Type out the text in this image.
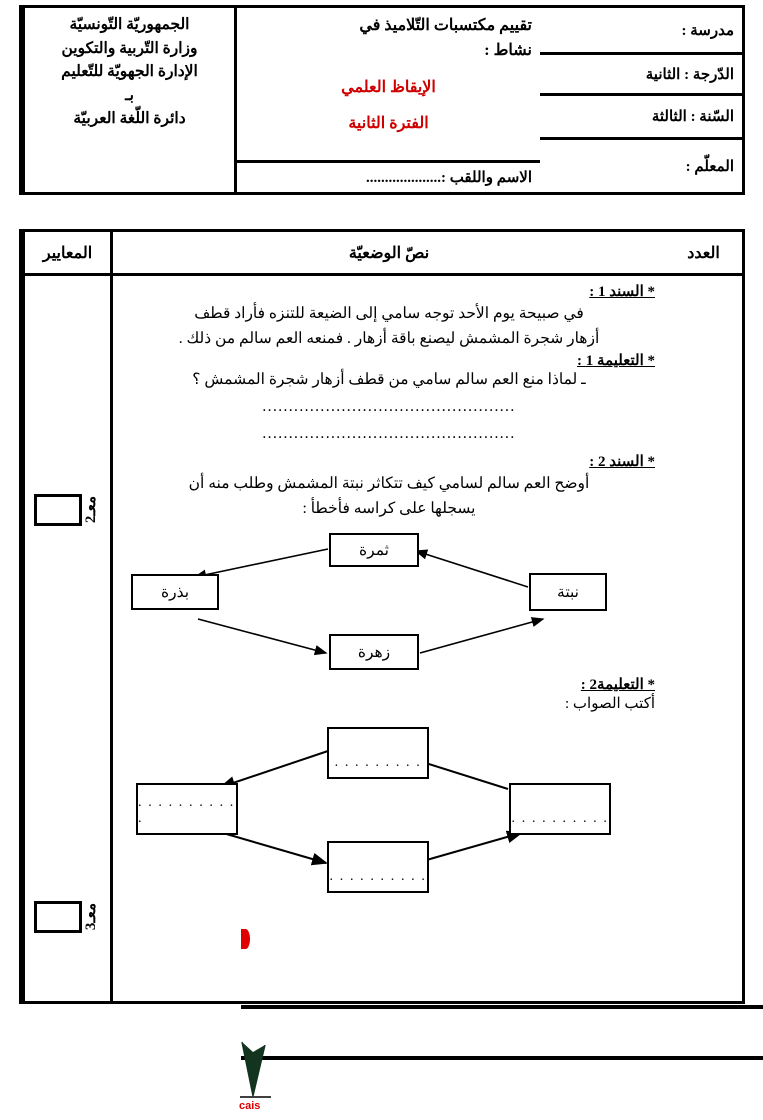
الجمهوريّة التّونسيّة
وزارة التّربية والتكوين
الإدارة الجهويّة للتّعليم
بـ
دائرة اللّغة العربيّة
تقييم مكتسبات التّلاميذ في
نشاط :
الإيقاظ العلمي
الفترة الثانية
الاسم واللقب :....................
مدرسة :
الدّرجة : الثانية
السّنة : الثالثة
المعلّم :
المعايير	نصّ الوضعيّة	العدد
معـ2
معـ3
* السند 1 :
في صبيحة يوم الأحد توجه سامي إلى الضيعة للتنزه فأراد قطف
أزهار شجرة المشمش ليصنع باقة أزهار . فمنعه العم سالم من ذلك .
* التعليمة 1 :
ـ لماذا منع العم سالم سامي من قطف أزهار شجرة المشمش ؟
................................................
................................................
* السند 2 :
أوضح العم سالم لسامي كيف تتكاثر نبتة المشمش وطلب منه أن
يسجلها على كراسه فأخطأ :
ثمرة
بذرة	نبتة
زهرة
* التعليمة2 :
أكتب الصواب :
. . . . . . . . .
. . . . . . . . . . .	. . . . . . . . . .
. . . . . . . . . .
cais
